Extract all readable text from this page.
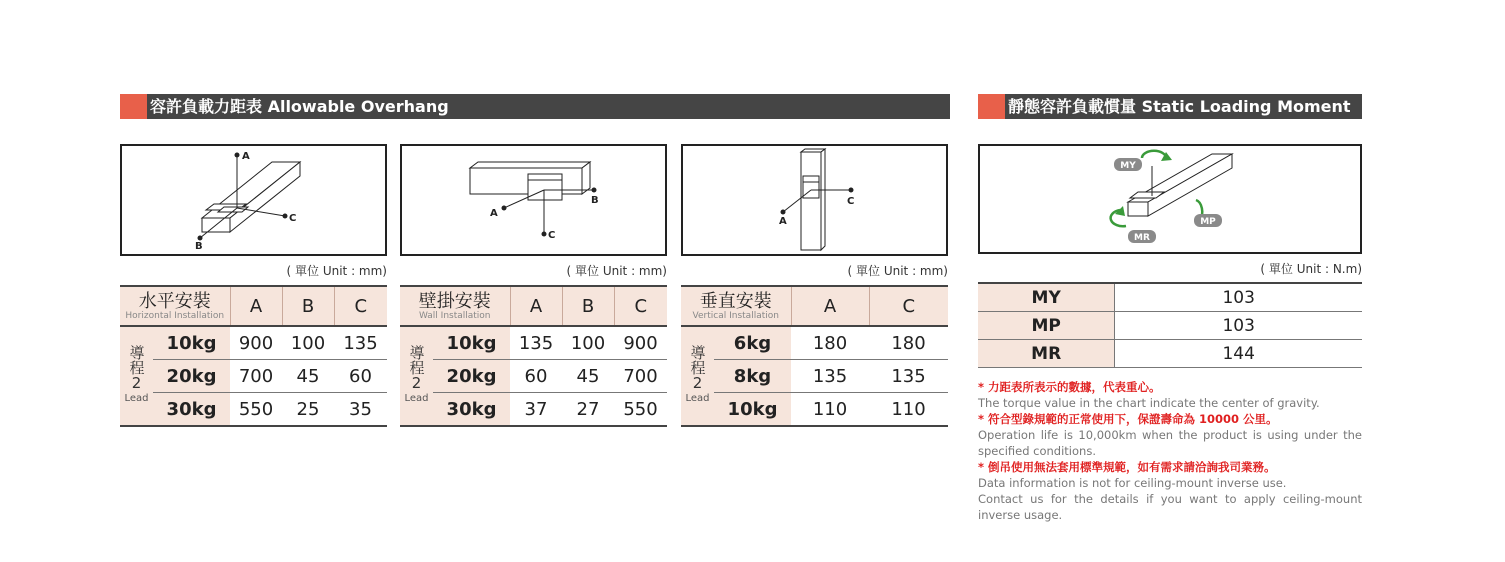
容許負載力距表 Allowable Overhang	靜態容許負載慣量 Static Loading Moment
A
C
B
B
C
A
C
A
MY
MP
MR
( 單位 Unit : mm)	( 單位 Unit : mm)	( 單位 Unit : mm)	( 單位 Unit : N.m)
水平安裝
Horizontal Installation		A	B	C

導程2
Lead	10kg	900	100	135
	20kg	700	45	60
	30kg	550	25	35
壁掛安裝
Wall Installation		A	B	C

導程2
Lead	10kg	135	100	900
	20kg	60	45	700
	30kg	37	27	550
垂直安裝
Vertical Installation		A	C

導程2
Lead	6kg	180	180
	8kg	135	135
	10kg	110	110
MY	103
MP	103
MR	144
* 力距表所表示的數據，代表重心。
The torque value in the chart indicate the center of gravity.
* 符合型錄規範的正常使用下，保證壽命為 10000 公里。
Operation life is 10,000km when the product is using under the specified conditions.
* 倒吊使用無法套用標準規範，如有需求請洽詢我司業務。
Data information is not for ceiling-mount inverse use.
Contact us for the details if you want to apply ceiling-mount inverse usage.
